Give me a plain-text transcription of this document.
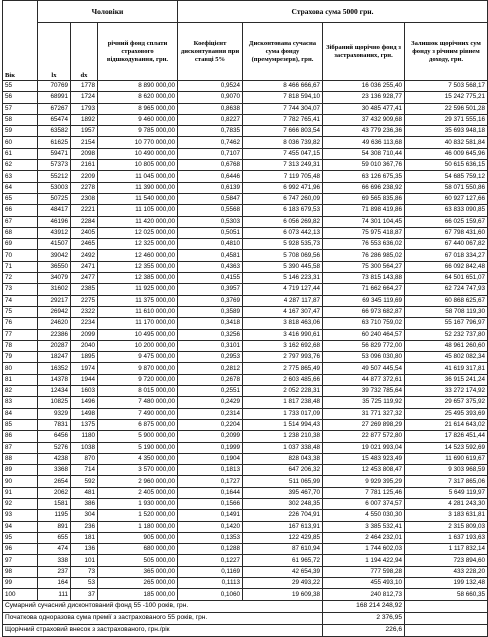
Вік	Чоловіки			Страхова сума 5000 грн.			
	lx	dx	річний фонд сплати страхового відшкодування, грн.	Коефіцієнт дисконтування при ставці 5%	Дисконтована сучасна сума фонду (премумрезерв), грн.	Зібраний щорічно фонд з застрахованих, грн.	Залишок щорічних сум фонду з річним рівнем доходу, грн.
55	70769	1778	8 890 000,00	0,9524	8 466 666,67	16 036 255,40	7 503 568,17
56	68991	1724	8 620 000,00	0,9070	7 818 594,10	23 136 928,77	15 242 775,21
57	67267	1793	8 965 000,00	0,8638	7 744 304,07	30 485 477,41	22 596 501,28
58	65474	1892	9 460 000,00	0,8227	7 782 765,41	37 432 909,68	29 371 555,16
59	63582	1957	9 785 000,00	0,7835	7 666 803,54	43 779 236,36	35 693 948,18
60	61625	2154	10 770 000,00	0,7462	8 036 739,82	49 636 113,68	40 832 581,84
61	59471	2098	10 490 000,00	0,7107	7 455 047,15	54 308 710,44	46 009 645,96
62	57373	2161	10 805 000,00	0,6768	7 313 249,31	59 010 367,76	50 615 636,15
63	55212	2209	11 045 000,00	0,6446	7 119 705,48	63 126 675,35	54 685 759,12
64	53003	2278	11 390 000,00	0,6139	6 992 471,96	66 696 238,92	58 071 550,86
65	50725	2308	11 540 000,00	0,5847	6 747 260,09	69 565 835,86	60 927 127,66
66	48417	2221	11 105 000,00	0,5568	6 183 679,53	71 898 419,86	63 833 090,85
67	46196	2284	11 420 000,00	0,5303	6 056 269,82	74 301 104,45	66 025 159,67
68	43912	2405	12 025 000,00	0,5051	6 073 442,13	75 975 418,87	67 798 431,60
69	41507	2465	12 325 000,00	0,4810	5 928 535,73	76 553 636,02	67 440 067,82
70	39042	2492	12 460 000,00	0,4581	5 708 069,56	76 286 985,02	67 018 334,27
71	36550	2471	12 355 000,00	0,4363	5 390 445,58	75 300 564,27	66 092 842,48
72	34079	2477	12 385 000,00	0,4155	5 146 223,31	73 815 143,88	64 501 651,07
73	31602	2385	11 925 000,00	0,3957	4 719 127,44	71 662 664,27	62 724 747,93
74	29217	2275	11 375 000,00	0,3769	4 287 117,87	69 345 119,69	60 868 625,67
75	26942	2322	11 610 000,00	0,3589	4 167 307,47	66 973 682,87	58 708 119,30
76	24620	2234	11 170 000,00	0,3418	3 818 463,06	63 710 759,02	55 167 796,97
77	22386	2099	10 495 000,00	0,3256	3 416 990,61	60 240 464,57	52 232 737,80
78	20287	2040	10 200 000,00	0,3101	3 162 692,68	56 829 772,00	48 961 260,60
79	18247	1895	9 475 000,00	0,2953	2 797 993,76	53 096 030,80	45 802 082,34
80	16352	1974	9 870 000,00	0,2812	2 775 865,49	49 507 445,54	41 619 317,81
81	14378	1944	9 720 000,00	0,2678	2 603 485,66	44 877 372,61	36 915 241,24
82	12434	1603	8 015 000,00	0,2551	2 052 228,31	39 732 785,64	33 272 174,92
83	10825	1496	7 480 000,00	0,2429	1 817 238,48	35 725 119,92	29 657 375,92
84	9329	1498	7 490 000,00	0,2314	1 733 017,09	31 771 327,32	25 495 393,69
85	7831	1375	6 875 000,00	0,2204	1 514 994,43	27 269 898,29	21 614 643,02
86	6456	1180	5 900 000,00	0,2099	1 238 210,38	22 877 572,80	17 826 451,44
87	5276	1038	5 190 000,00	0,1999	1 037 338,48	19 021 993,04	14 523 592,69
88	4238	870	4 350 000,00	0,1904	828 043,38	15 483 923,49	11 690 619,67
89	3368	714	3 570 000,00	0,1813	647 206,32	12 453 808,47	9 303 968,59
90	2654	592	2 960 000,00	0,1727	511 065,99	9 929 395,29	7 317 865,06
91	2062	481	2 405 000,00	0,1644	395 467,70	7 781 125,46	5 649 119,97
92	1581	386	1 930 000,00	0,1566	302 248,35	6 007 374,57	4 281 243,30
93	1195	304	1 520 000,00	0,1491	226 704,91	4 550 030,30	3 183 631,81
94	891	236	1 180 000,00	0,1420	167 613,91	3 385 532,41	2 315 809,03
95	655	181	905 000,00	0,1353	122 429,85	2 464 232,01	1 637 193,63
96	474	136	680 000,00	0,1288	87 610,94	1 744 602,03	1 117 832,14
97	338	101	505 000,00	0,1227	61 965,72	1 194 422,94	723 894,60
98	237	73	365 000,00	0,1169	42 654,39	777 598,28	433 228,20
99	164	53	265 000,00	0,1113	29 493,22	455 493,10	199 132,48
100	111	37	185 000,00	0,1060	19 609,38	240 812,73	58 660,35
Сумарний сучасний дисконтований фонд 55 -100 років, грн.						168 214 248,92	
Початкова одноразова сума премії з застрахованого 55 років, грн.						2 376,95	
Щорічний страховий внесок з застрахованого, грн./рік						226,6	
